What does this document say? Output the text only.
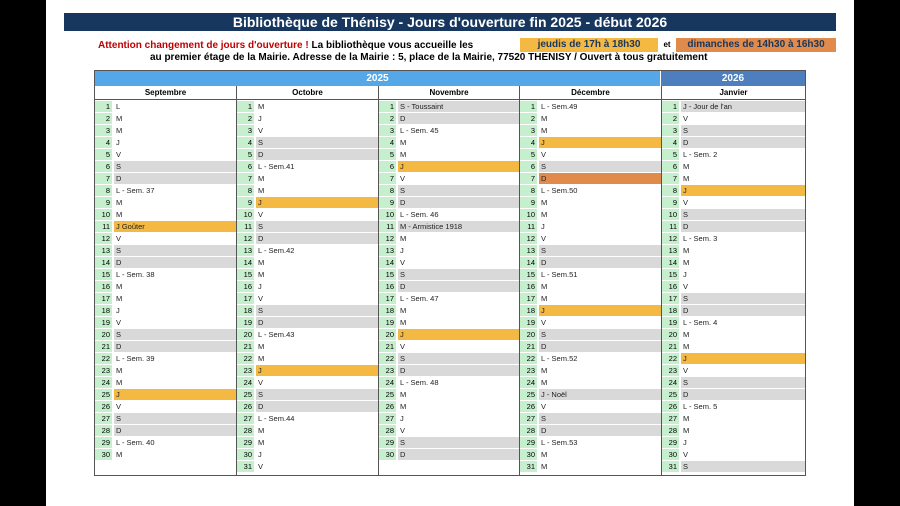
Bibliothèque de Thénisy - Jours d'ouverture fin 2025 - début 2026
Attention changement de jours d'ouverture ! La bibliothèque vous accueille les	jeudis de 17h à 18h30	et	dimanches de 14h30 à 16h30
au premier étage de la Mairie. Adresse de la Mairie : 5, place de la Mairie, 77520 THENISY / Ouvert à tous gratuitement
2025	2026
Septembre
1 L
2 M
3 M
4 J
5 V
6 S
7 D
8 L - Sem. 37
9 M
10 M
11 J Goûter
12 V
13 S
14 D
15 L - Sem. 38
16 M
17 M
18 J
19 V
20 S
21 D
22 L - Sem. 39
23 M
24 M
25 J
26 V
27 S
28 D
29 L - Sem. 40
30 M
Octobre
1 M
2 J
3 V
4 S
5 D
6 L - Sem.41
7 M
8 M
9 J
10 V
11 S
12 D
13 L - Sem.42
14 M
15 M
16 J
17 V
18 S
19 D
20 L - Sem.43
21 M
22 M
23 J
24 V
25 S
26 D
27 L - Sem.44
28 M
29 M
30 J
31 V
Novembre
1 S - Toussaint
2 D
3 L - Sem. 45
4 M
5 M
6 J
7 V
8 S
9 D
10 L - Sem. 46
11 M - Armistice 1918
12 M
13 J
14 V
15 S
16 D
17 L - Sem. 47
18 M
19 M
20 J
21 V
22 S
23 D
24 L - Sem. 48
25 M
26 M
27 J
28 V
29 S
30 D
Décembre
1 L - Sem.49
2 M
3 M
4 J
5 V
6 S
7 D
8 L - Sem.50
9 M
10 M
11 J
12 V
13 S
14 D
15 L - Sem.51
16 M
17 M
18 J
19 V
20 S
21 D
22 L - Sem.52
23 M
24 M
25 J - Noël
26 V
27 S
28 D
29 L - Sem.53
30 M
31 M
Janvier
1 J - Jour de l'an
2 V
3 S
4 D
5 L - Sem. 2
6 M
7 M
8 J
9 V
10 S
11 D
12 L - Sem. 3
13 M
14 M
15 J
16 V
17 S
18 D
19 L - Sem. 4
20 M
21 M
22 J
23 V
24 S
25 D
26 L - Sem. 5
27 M
28 M
29 J
30 V
31 S
